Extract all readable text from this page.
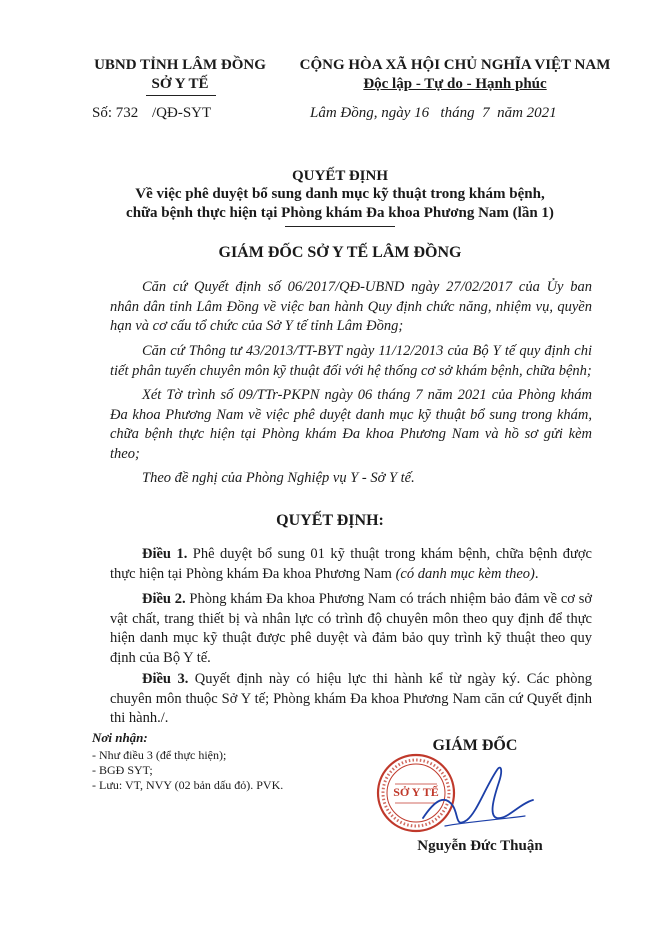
UBND TỈNH LÂM ĐỒNG
SỞ Y TẾ
Số: 732 /QĐ-SYT
CỘNG HÒA XÃ HỘI CHỦ NGHĨA VIỆT NAM
Độc lập - Tự do - Hạnh phúc
Lâm Đồng, ngày 16   tháng  7  năm 2021
QUYẾT ĐỊNH
Về việc phê duyệt bổ sung danh mục kỹ thuật trong khám bệnh,
chữa bệnh thực hiện tại Phòng khám Đa khoa Phương Nam (lần 1)
GIÁM ĐỐC SỞ Y TẾ LÂM ĐỒNG
Căn cứ Quyết định số 06/2017/QĐ-UBND ngày 27/02/2017 của Ủy ban nhân dân tỉnh Lâm Đồng về việc ban hành Quy định chức năng, nhiệm vụ, quyền hạn và cơ cấu tổ chức của Sở Y tế tỉnh Lâm Đồng;
Căn cứ Thông tư 43/2013/TT-BYT ngày 11/12/2013 của Bộ Y tế quy định chi tiết phân tuyến chuyên môn kỹ thuật đối với hệ thống cơ sở khám bệnh, chữa bệnh;
Xét Tờ trình số 09/TTr-PKPN ngày 06 tháng 7 năm 2021 của Phòng khám Đa khoa Phương Nam về việc phê duyệt danh mục kỹ thuật bổ sung trong khám, chữa bệnh thực hiện tại Phòng khám Đa khoa Phương Nam và hồ sơ gửi kèm theo;
Theo đề nghị của Phòng Nghiệp vụ Y - Sở Y tế.
QUYẾT ĐỊNH:
Điều 1. Phê duyệt bổ sung 01 kỹ thuật trong khám bệnh, chữa bệnh được thực hiện tại Phòng khám Đa khoa Phương Nam (có danh mục kèm theo).
Điều 2. Phòng khám Đa khoa Phương Nam có trách nhiệm bảo đảm về cơ sở vật chất, trang thiết bị và nhân lực có trình độ chuyên môn theo quy định để thực hiện danh mục kỹ thuật được phê duyệt và đảm bảo quy trình kỹ thuật theo quy định của Bộ Y tế.
Điều 3. Quyết định này có hiệu lực thi hành kể từ ngày ký. Các phòng chuyên môn thuộc Sở Y tế; Phòng khám Đa khoa Phương Nam căn cứ Quyết định thi hành./.
Nơi nhận:
- Như điều 3 (để thực hiện);
- BGĐ SYT;
- Lưu: VT, NVY (02 bản dấu đỏ). PVK.
GIÁM ĐỐC
SỞ Y TẾ
Nguyễn Đức Thuận
